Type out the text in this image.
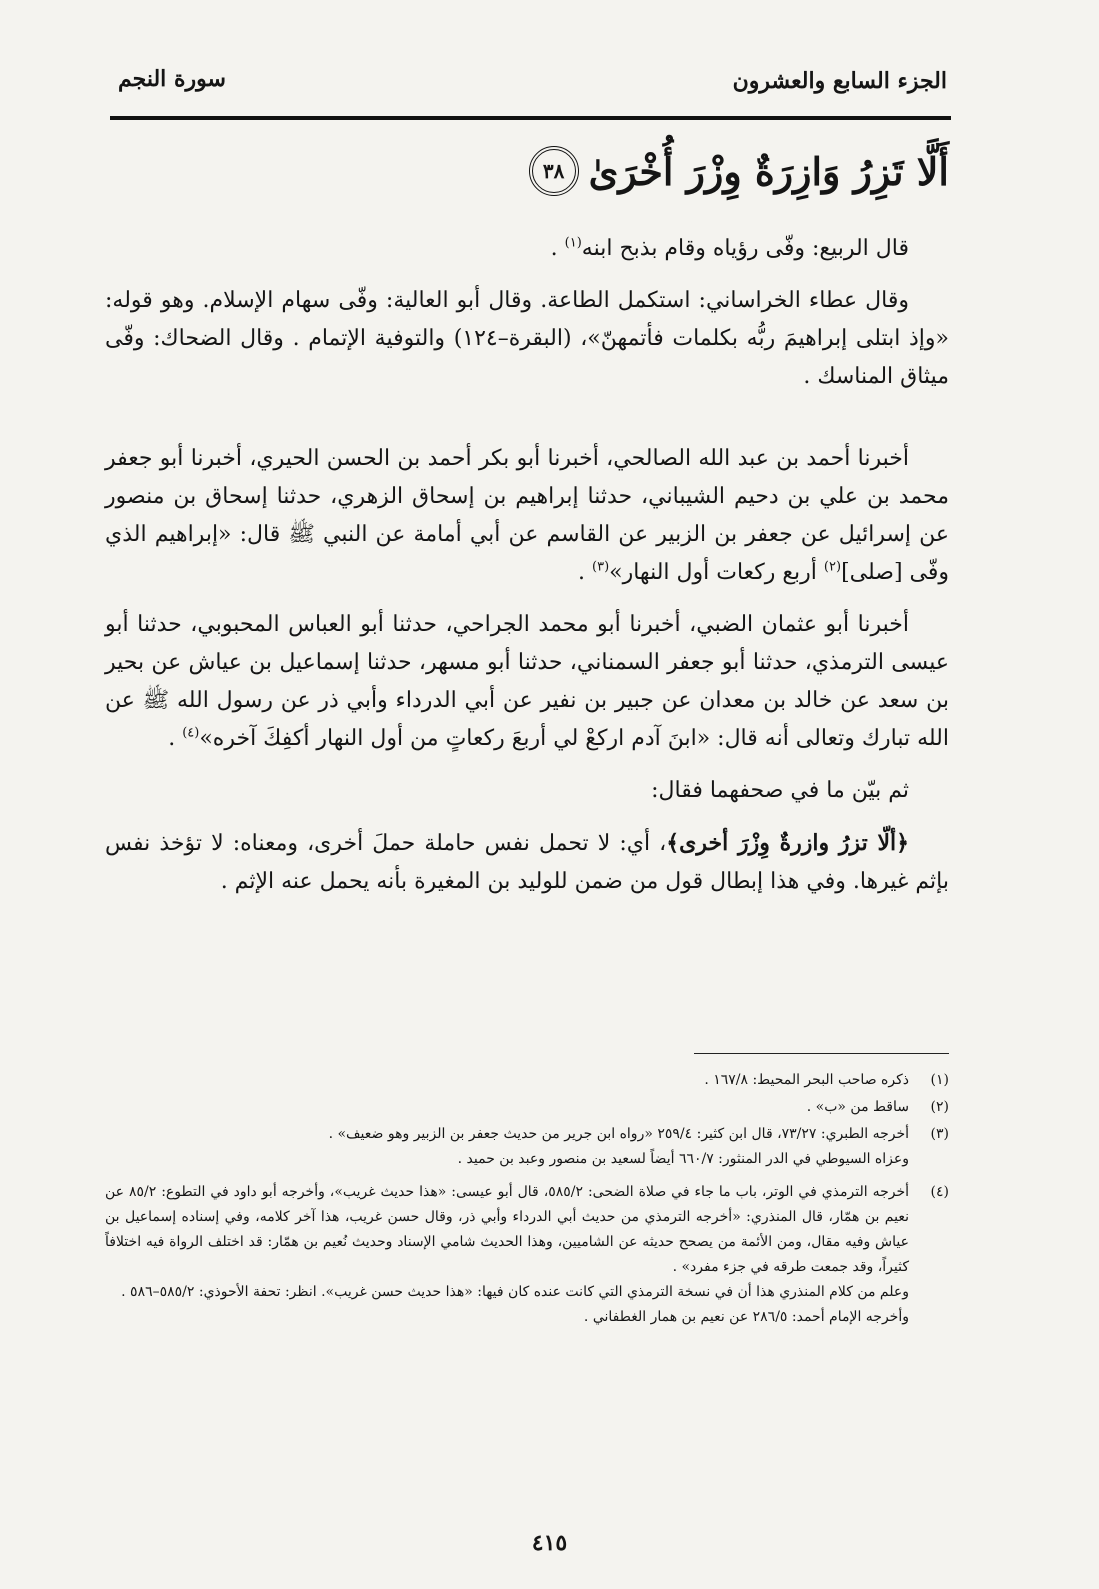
الجزء السابع والعشرون
سورة النجم
أَلَّا تَزِرُ وَازِرَةٌ وِزْرَ أُخْرَىٰ
٣٨

قال الربيع: وفّى رؤياه وقام بذبح ابنه$^{(١)}$ .

وقال عطاء الخراساني: استكمل الطاعة. وقال أبو العالية: وفّى سهام الإسلام. وهو قوله: «وإذ ابتلى إبراهيمَ ربُّه بكلمات فأتمهنّ»، (البقرة–١٢٤) والتوفية الإتمام . وقال الضحاك: وفّى ميثاق المناسك .

أخبرنا أحمد بن عبد الله الصالحي، أخبرنا أبو بكر أحمد بن الحسن الحيري، أخبرنا أبو جعفر محمد بن علي بن دحيم الشيباني، حدثنا إبراهيم بن إسحاق الزهري، حدثنا إسحاق بن منصور عن إسرائيل عن جعفر بن الزبير عن القاسم عن أبي أمامة عن النبي ﷺ قال: «إبراهيم الذي وفّى [صلى]$^{(٢)}$ أربع ركعات أول النهار»$^{(٣)}$ .

أخبرنا أبو عثمان الضبي، أخبرنا أبو محمد الجراحي، حدثنا أبو العباس المحبوبي، حدثنا أبو عيسى الترمذي، حدثنا أبو جعفر السمناني، حدثنا أبو مسهر، حدثنا إسماعيل بن عياش عن بحير بن سعد عن خالد بن معدان عن جبير بن نفير عن أبي الدرداء وأبي ذر عن رسول الله ﷺ عن الله تبارك وتعالى أنه قال: «ابنَ آدم اركعْ لي أربعَ ركعاتٍ من أول النهار أكفِكَ آخره»$^{(٤)}$ .

ثم بيّن ما في صحفهما فقال:

﴿ألّا تزرُ وازرةٌ وِزْرَ أخرى﴾، أي: لا تحمل نفس حاملة حملَ أخرى، ومعناه: لا تؤخذ نفس بإثم غيرها. وفي هذا إبطال قول من ضمن للوليد بن المغيرة بأنه يحمل عنه الإثم .

(١)
ذكره صاحب البحر المحيط: ١٦٧/٨ .
(٢)
ساقط من «ب» .
(٣)
أخرجه الطبري: ٧٣/٢٧، قال ابن كثير: ٢٥٩/٤ «رواه ابن جرير من حديث جعفر بن الزبير وهو ضعيف» .
وعزاه السيوطي في الدر المنثور: ٦٦٠/٧ أيضاً لسعيد بن منصور وعبد بن حميد .
(٤)
أخرجه الترمذي في الوتر، باب ما جاء في صلاة الضحى: ٥٨٥/٢، قال أبو عيسى: «هذا حديث غريب»، وأخرجه أبو داود في التطوع: ٨٥/٢ عن نعيم بن همّار، قال المنذري: «أخرجه الترمذي من حديث أبي الدرداء وأبي ذر، وقال حسن غريب، هذا آخر كلامه، وفي إسناده إسماعيل بن عياش وفيه مقال، ومن الأئمة من يصحح حديثه عن الشاميين، وهذا الحديث شامي الإسناد وحديث نُعيم بن همّار: قد اختلف الرواة فيه اختلافاً كثيراً، وقد جمعت طرقه في جزء مفرد» .
وعلم من كلام المنذري هذا أن في نسخة الترمذي التي كانت عنده كان فيها: «هذا حديث حسن غريب». انظر: تحفة الأحوذي: ٥٨٥/٢–٥٨٦ .
وأخرجه الإمام أحمد: ٢٨٦/٥ عن نعيم بن همار الغطفاني .
٤١٥
